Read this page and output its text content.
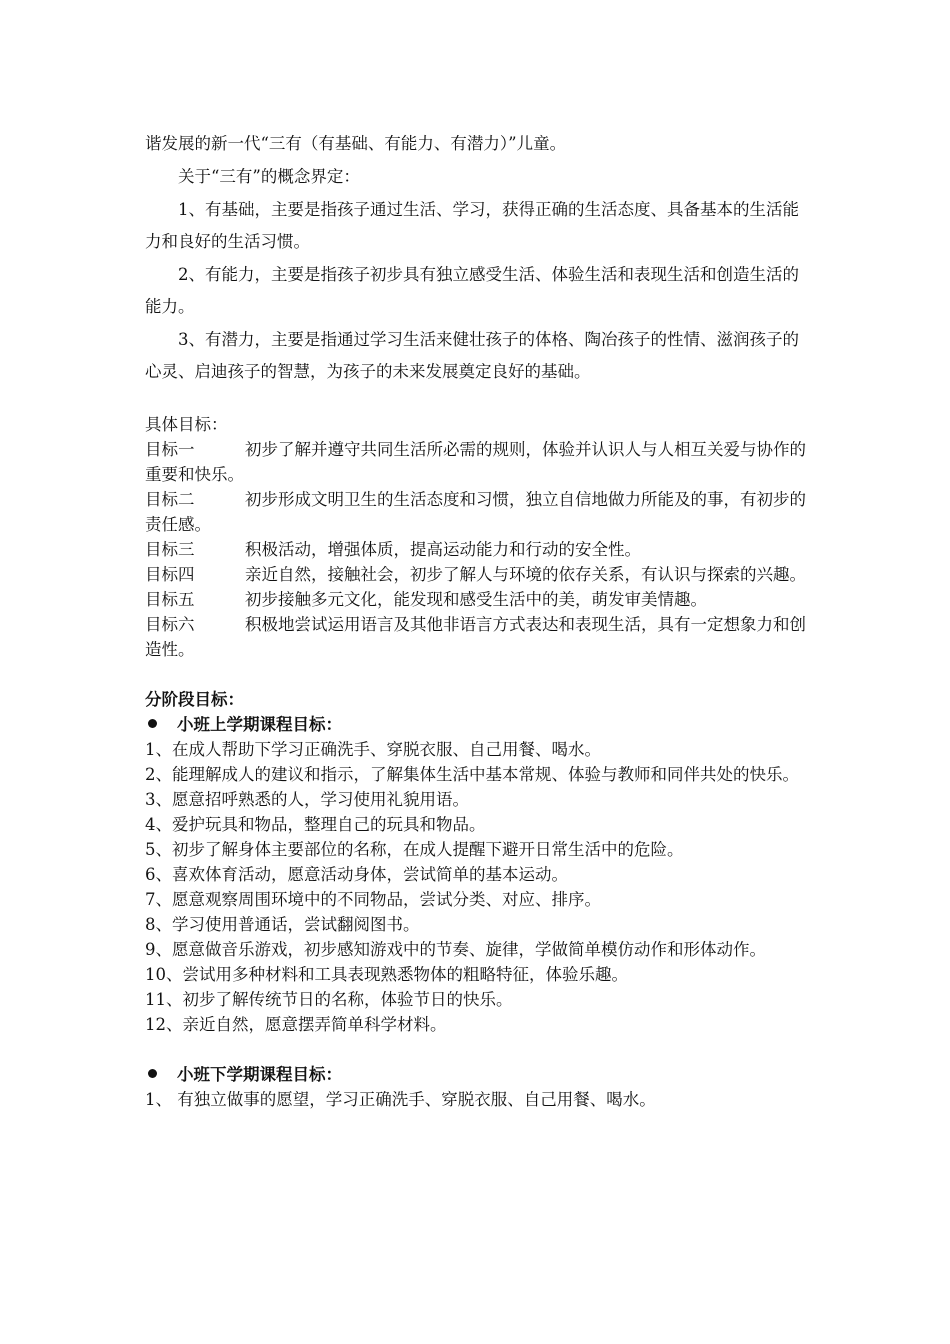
谐发展的新一代“三有（有基础、有能力、有潜力）”儿童。

关于“三有”的概念界定：

1、有基础，主要是指孩子通过生活、学习，获得正确的生活态度、具备基本的生活能力和良好的生活习惯。

2、有能力，主要是指孩子初步具有独立感受生活、体验生活和表现生活和创造生活的能力。

3、有潜力，主要是指通过学习生活来健壮孩子的体格、陶冶孩子的性情、滋润孩子的心灵、启迪孩子的智慧，为孩子的未来发展奠定良好的基础。

具体目标：

目标一	初步了解并遵守共同生活所必需的规则，体验并认识人与人相互关爱与协作的重要和快乐。

目标二	初步形成文明卫生的生活态度和习惯，独立自信地做力所能及的事，有初步的责任感。

目标三	积极活动，增强体质，提高运动能力和行动的安全性。

目标四	亲近自然，接触社会，初步了解人与环境的依存关系，有认识与探索的兴趣。

目标五	初步接触多元文化，能发现和感受生活中的美，萌发审美情趣。

目标六	积极地尝试运用语言及其他非语言方式表达和表现生活，具有一定想象力和创造性。

分阶段目标：

小班上学期课程目标：

1、在成人帮助下学习正确洗手、穿脱衣服、自己用餐、喝水。

2、能理解成人的建议和指示，了解集体生活中基本常规、体验与教师和同伴共处的快乐。

3、愿意招呼熟悉的人，学习使用礼貌用语。

4、爱护玩具和物品，整理自己的玩具和物品。

5、初步了解身体主要部位的名称，在成人提醒下避开日常生活中的危险。

6、喜欢体育活动，愿意活动身体，尝试简单的基本运动。

7、愿意观察周围环境中的不同物品，尝试分类、对应、排序。

8、学习使用普通话，尝试翻阅图书。

9、愿意做音乐游戏，初步感知游戏中的节奏、旋律，学做简单模仿动作和形体动作。

10、尝试用多种材料和工具表现熟悉物体的粗略特征，体验乐趣。

11、初步了解传统节日的名称，体验节日的快乐。

12、亲近自然，愿意摆弄简单科学材料。

小班下学期课程目标：

1、 有独立做事的愿望，学习正确洗手、穿脱衣服、自己用餐、喝水。
